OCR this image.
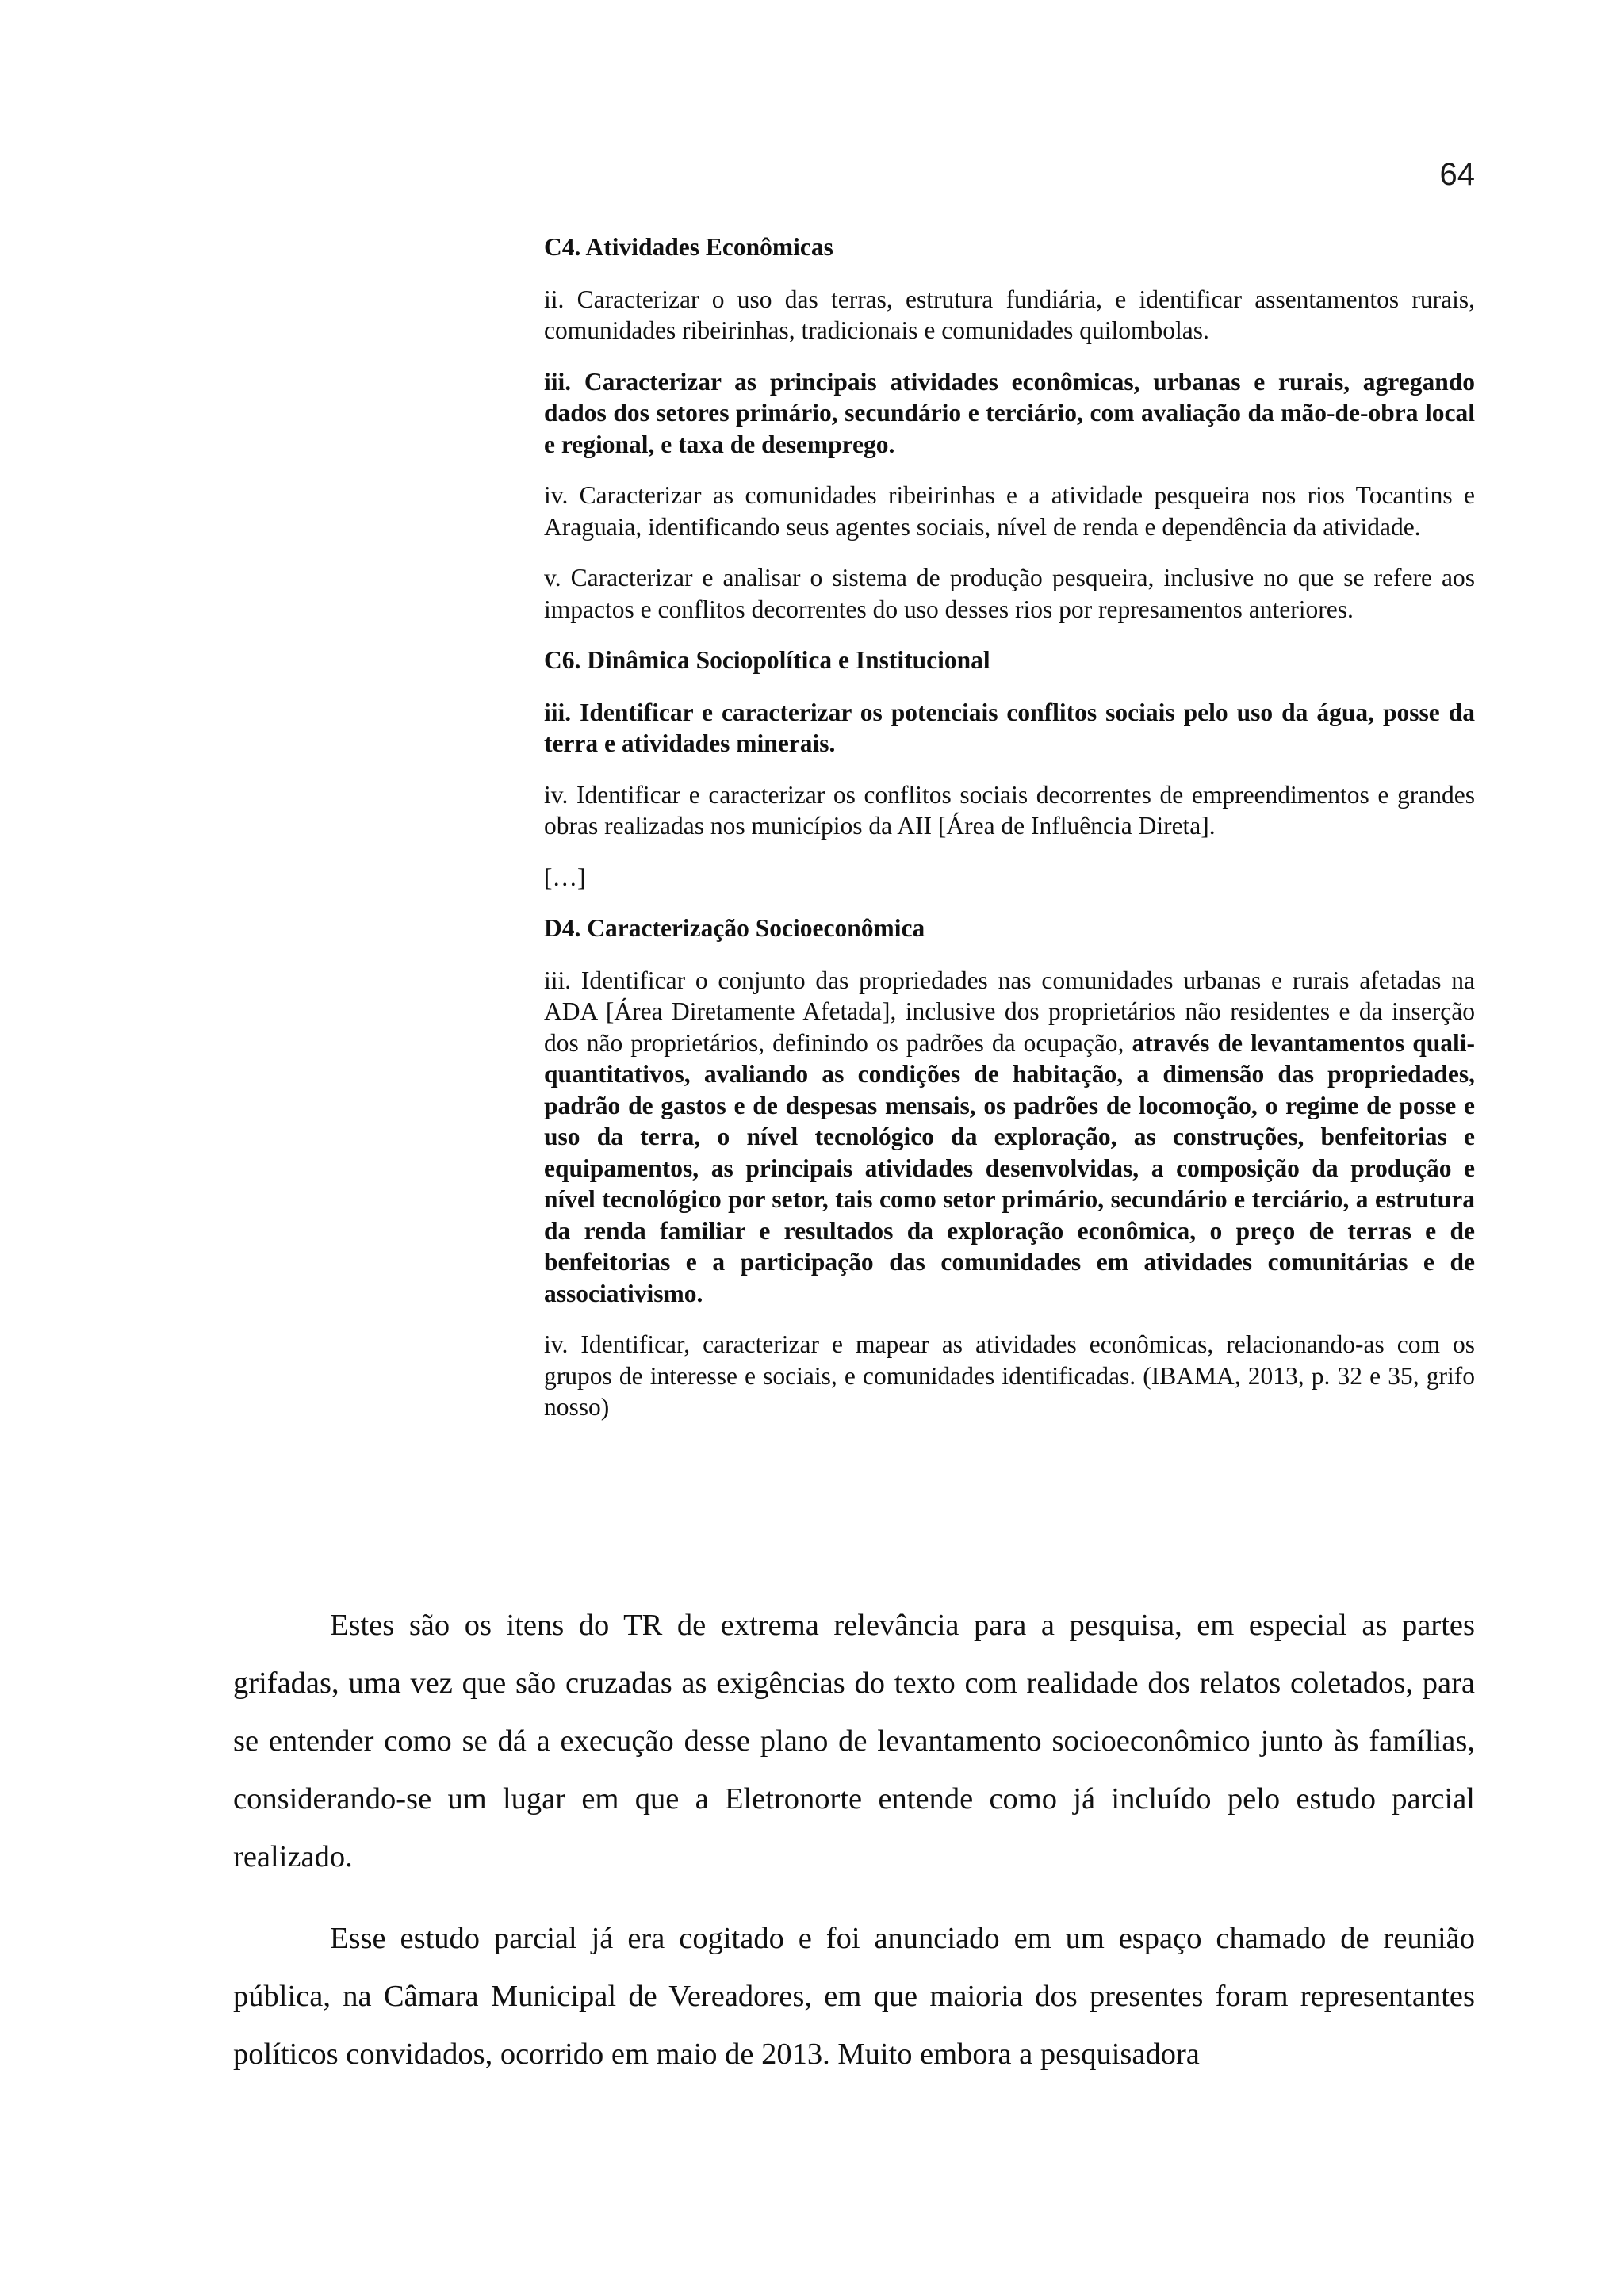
64

C4. Atividades Econômicas

ii. Caracterizar o uso das terras, estrutura fundiária, e identificar assentamentos rurais, comunidades ribeirinhas, tradicionais e comunidades quilombolas.

iii. Caracterizar as principais atividades econômicas, urbanas e rurais, agregando dados dos setores primário, secundário e terciário, com avaliação da mão-de-obra local e regional, e taxa de desemprego.

iv. Caracterizar as comunidades ribeirinhas e a atividade pesqueira nos rios Tocantins e Araguaia, identificando seus agentes sociais, nível de renda e dependência da atividade.

v. Caracterizar e analisar o sistema de produção pesqueira, inclusive no que se refere aos impactos e conflitos decorrentes do uso desses rios por represamentos anteriores.

C6. Dinâmica Sociopolítica e Institucional

iii. Identificar e caracterizar os potenciais conflitos sociais pelo uso da água, posse da terra e atividades minerais.

iv. Identificar e caracterizar os conflitos sociais decorrentes de empreendimentos e grandes obras realizadas nos municípios da AII [Área de Influência Direta].

[…]

D4. Caracterização Socioeconômica

iii. Identificar o conjunto das propriedades nas comunidades urbanas e rurais afetadas na ADA [Área Diretamente Afetada], inclusive dos proprietários não residentes e da inserção dos não proprietários, definindo os padrões da ocupação, através de levantamentos quali-quantitativos, avaliando as condições de habitação, a dimensão das propriedades, padrão de gastos e de despesas mensais, os padrões de locomoção, o regime de posse e uso da terra, o nível tecnológico da exploração, as construções, benfeitorias e equipamentos, as principais atividades desenvolvidas, a composição da produção e nível tecnológico por setor, tais como setor primário, secundário e terciário, a estrutura da renda familiar e resultados da exploração econômica, o preço de terras e de benfeitorias e a participação das comunidades em atividades comunitárias e de associativismo.

iv. Identificar, caracterizar e mapear as atividades econômicas, relacionando-as com os grupos de interesse e sociais, e comunidades identificadas. (IBAMA, 2013, p. 32 e 35, grifo nosso)

Estes são os itens do TR de extrema relevância para a pesquisa, em especial as partes grifadas, uma vez que são cruzadas as exigências do texto com realidade dos relatos coletados, para se entender como se dá a execução desse plano de levantamento socioeconômico junto às famílias, considerando-se um lugar em que a Eletronorte entende como já incluído pelo estudo parcial realizado.

Esse estudo parcial já era cogitado e foi anunciado em um espaço chamado de reunião pública, na Câmara Municipal de Vereadores, em que maioria dos presentes foram representantes políticos convidados, ocorrido em maio de 2013. Muito embora a pesquisadora
